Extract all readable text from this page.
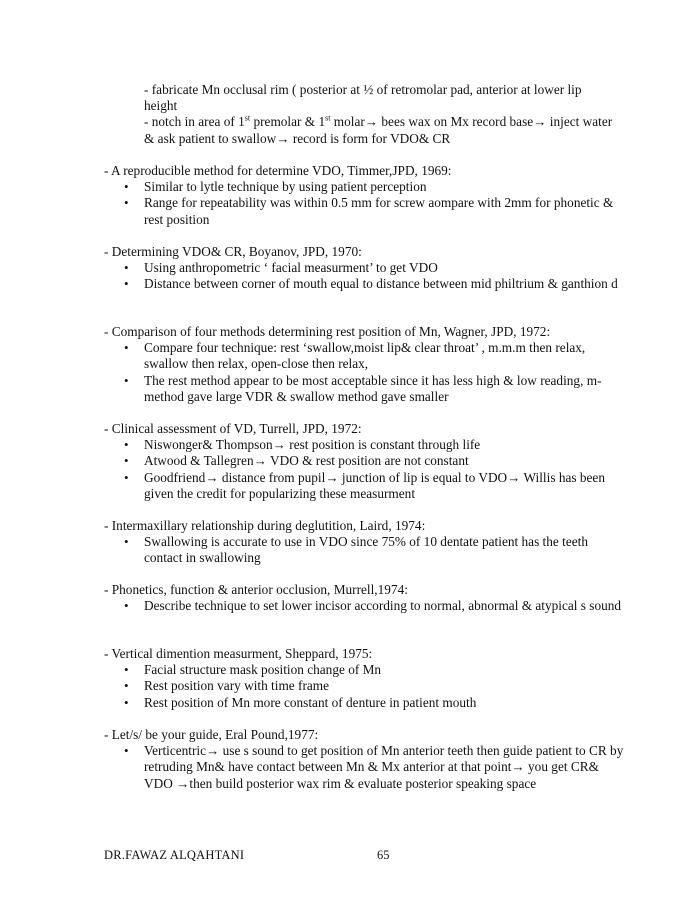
- fabricate Mn occlusal rim ( posterior at ½ of retromolar pad, anterior at lower lip height

- notch in area of 1st premolar & 1st molar→ bees wax on Mx record base→ inject water & ask patient to swallow→ record is form for VDO& CR

- A reproducible method for determine VDO, Timmer,JPD, 1969:

• Similar to lytle technique by using patient perception
• Range for repeatability was within 0.5 mm for screw aompare with 2mm for phonetic & rest position

- Determining VDO& CR, Boyanov, JPD, 1970:

• Using anthropometric ‘ facial measurment’ to get VDO
• Distance between corner of mouth equal to distance between mid philtrium & ganthion d

- Comparison of four methods determining rest position of Mn, Wagner, JPD, 1972:

• Compare four technique: rest ‘swallow,moist lip& clear throat’ , m.m.m then relax, swallow then relax, open-close then relax,
• The rest method appear to be most acceptable since it has less high & low reading, m-method gave large VDR & swallow method gave smaller

- Clinical assessment of VD, Turrell, JPD, 1972:

• Niswonger& Thompson→ rest position is constant through life
• Atwood & Tallegren→ VDO & rest position are not constant
• Goodfriend→ distance from pupil→ junction of lip is equal to VDO→ Willis has been given the credit for popularizing these measurment

- Intermaxillary relationship during deglutition, Laird, 1974:

• Swallowing is accurate to use in VDO since 75% of 10 dentate patient has the teeth contact in swallowing

- Phonetics, function & anterior occlusion, Murrell,1974:

• Describe technique to set lower incisor according to normal, abnormal & atypical s sound

- Vertical dimention measurment, Sheppard, 1975:

• Facial structure mask position change of Mn
• Rest position vary with time frame
• Rest position of Mn more constant of denture in patient mouth

- Let/s/ be your guide, Eral Pound,1977:

• Verticentric→ use s sound to get position of Mn anterior teeth then guide patient to CR by retruding Mn& have contact between Mn & Mx anterior at that point→ you get CR& VDO →then build posterior wax rim & evaluate posterior speaking space
DR.FAWAZ ALQAHTANI	65
